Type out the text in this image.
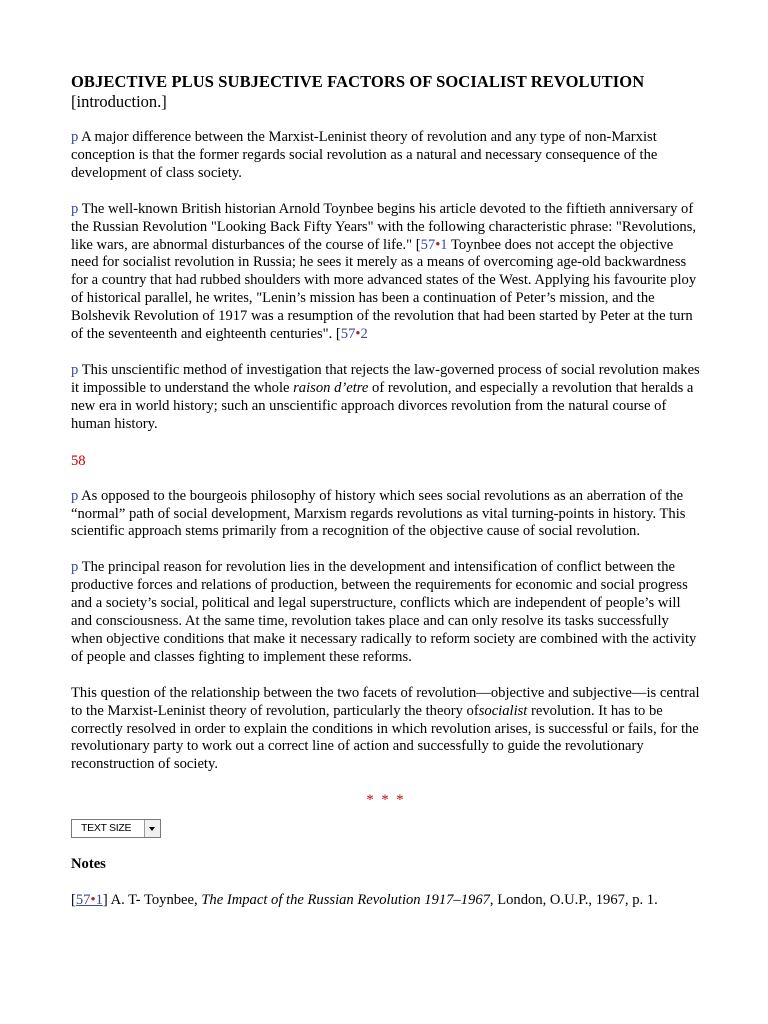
OBJECTIVE PLUS SUBJECTIVE FACTORS OF SOCIALIST REVOLUTION
[introduction.]

p A major difference between the Marxist-Leninist theory of revolution and any type of non-Marxist conception is that the former regards social revolution as a natural and necessary consequence of the development of class society.

p The well-known British historian Arnold Toynbee begins his article devoted to the fiftieth anniversary of the Russian Revolution "Looking Back Fifty Years" with the following characteristic phrase: "Revolutions, like wars, are abnormal disturbances of the course of life." [57•1 Toynbee does not accept the objective need for socialist revolution in Russia; he sees it merely as a means of overcoming age-old backwardness for a country that had rubbed shoulders with more advanced states of the West. Applying his favourite ploy of historical parallel, he writes, "Lenin’s mission has been a continuation of Peter’s mission, and the Bolshevik Revolution of 1917 was a resumption of the revolution that had been started by Peter at the turn of the seventeenth and eighteenth centuries". [57•2

p This unscientific method of investigation that rejects the law-governed process of social revolution makes it impossible to understand the whole raison d’etre of revolution, and especially a revolution that heralds a new era in world history; such an unscientific approach divorces revolution from the natural course of human history.

58

p As opposed to the bourgeois philosophy of history which sees social revolutions as an aberration of the “normal” path of social development, Marxism regards revolutions as vital turning-points in history. This scientific approach stems primarily from a recognition of the objective cause of social revolution.

p The principal reason for revolution lies in the development and intensification of conflict between the productive forces and relations of production, between the requirements for economic and social progress and a society’s social, political and legal superstructure, conflicts which are independent of people’s will and consciousness. At the same time, revolution takes place and can only resolve its tasks successfully when objective conditions that make it necessary radically to reform society are combined with the activity of people and classes fighting to implement these reforms.

This question of the relationship between the two facets of revolution—objective and subjective—is central to the Marxist-Leninist theory of revolution, particularly the theory ofsocialist revolution. It has to be correctly resolved in order to explain the conditions in which revolution arises, is successful or fails, for the revolutionary party to work out a correct line of action and successfully to guide the revolutionary reconstruction of society.

* * *
TEXT SIZE
Notes

[57•1] A. T- Toynbee, The Impact of the Russian Revolution 1917–1967, London, O.U.P., 1967, p. 1.
